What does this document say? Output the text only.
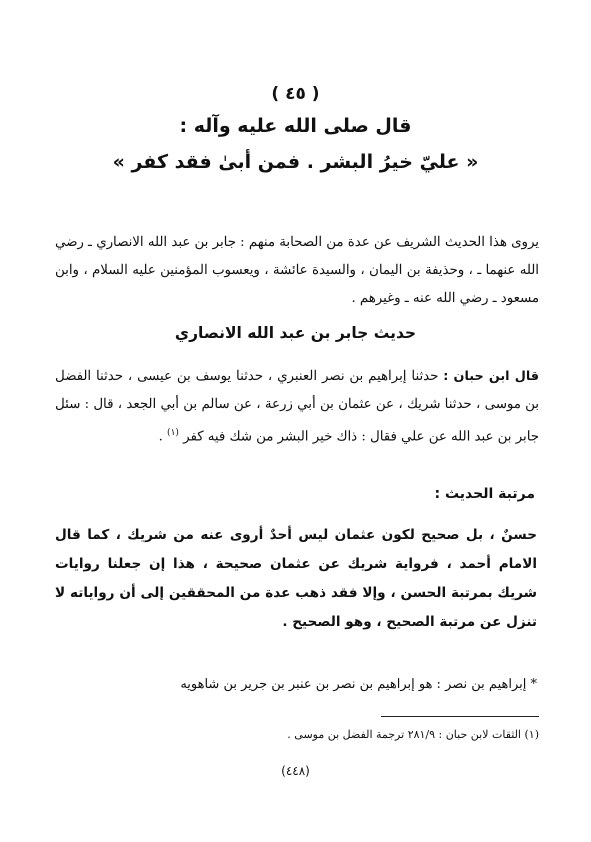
( ٤٥ )
قال صلى الله عليه وآله :
« عليّ خيرُ البشر . فمن أبىٰ فقد كفر »
يروى هذا الحديث الشريف عن عدة من الصحابة منهم : جابر بن عبد الله الانصاري ـ رضي الله عنهما ـ ، وحذيفة بن اليمان ، والسيدة عائشة ، ويعسوب المؤمنين عليه السلام ، وابن مسعود ـ رضي الله عنه ـ وغيرهم .
حديث جابر بن عبد الله الانصاري
قال ابن حبان : حدثنا إبراهيم بن نصر العنبري ، حدثنا يوسف بن عيسى ، حدثنا الفضل بن موسى ، حدثنا شريك ، عن عثمان بن أبي زرعة ، عن سالم بن أبي الجعد ، قال : سئل جابر بن عبد الله عن علي فقال : ذاك خير البشر من شك فيه كفر $^{(١)}$ .
مرتبة الحديث :
حسنٌ ، بل صحيح لكون عثمان ليس أحدٌ أروى عنه من شريك ، كما قال الامام أحمد ، فرواية شريك عن عثمان صحيحة ، هذا إن جعلنا روايات شريك بمرتبة الحسن ، وإلا فقد ذهب عدة من المحققين إلى أن رواياته لا تنزل عن مرتبة الصحيح ، وهو الصحيح .
* إبراهيم بن نصر : هو إبراهيم بن نصر بن عنبر بن جرير بن شاهويه
(١) الثقات لابن حبان : ٢٨١/٩ ترجمة الفضل بن موسى .
(٤٤٨)
